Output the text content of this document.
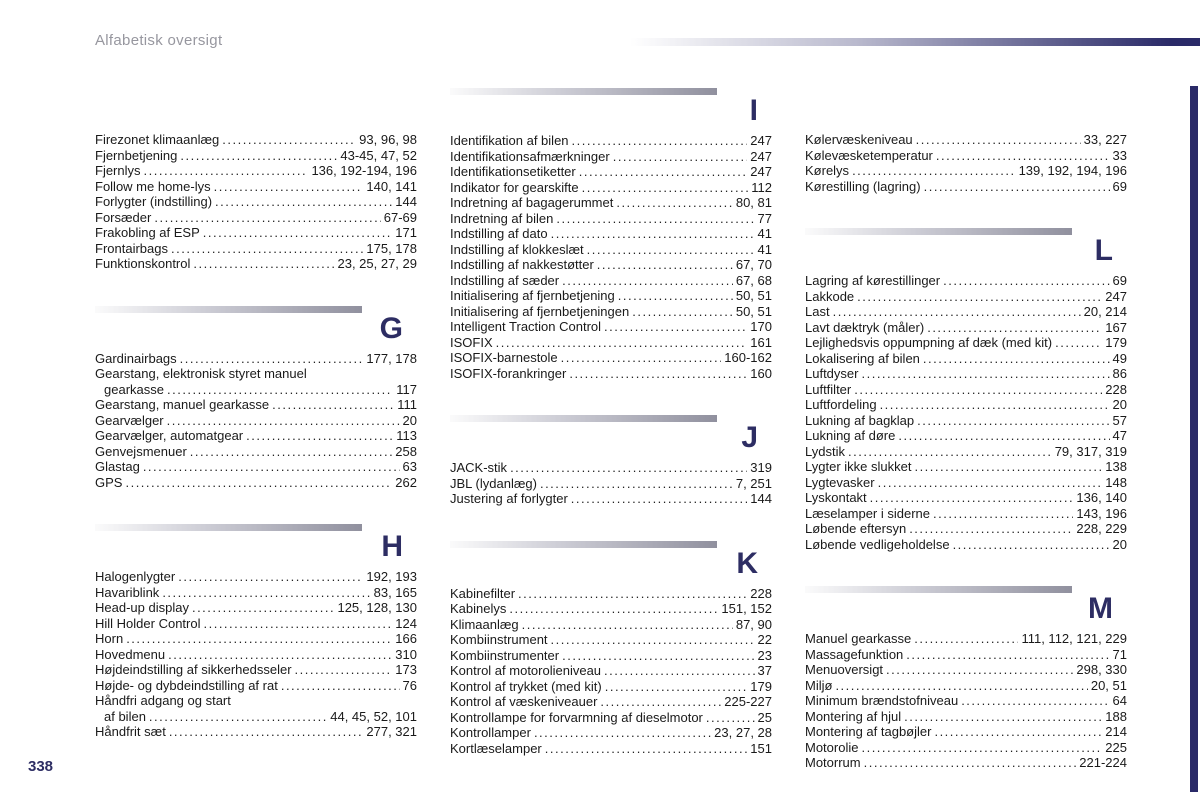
Alfabetisk oversigt
Firezonet klimaanlæg .....	93, 96, 98
Fjernbetjening .....	43-45, 47, 52
Fjernlys .....	136, 192-194, 196
Follow me home-lys .....	140, 141
Forlygter (indstilling) .....	144
Forsæder .....	67-69
Frakobling af ESP .....	171
Frontairbags .....	175, 178
Funktionskontrol .....	23, 25, 27, 29
G
Gardinairbags .....	177, 178
Gearstang, elektronisk styret manuel
gearkasse .....	117
Gearstang, manuel gearkasse .....	111
Gearvælger .....	20
Gearvælger, automatgear .....	113
Genvejsmenuer .....	258
Glastag .....	63
GPS .....	262
H
Halogenlygter .....	192, 193
Havariblink .....	83, 165
Head-up display .....	125, 128, 130
Hill Holder Control .....	124
Horn .....	166
Hovedmenu .....	310
Højdeindstilling af sikkerhedsseler .....	173
Højde- og dybdeindstilling af rat .....	76
Håndfri adgang og start
af bilen .....	44, 45, 52, 101
Håndfrit sæt .....	277, 321
I
Identifikation af bilen .....	247
Identifikationsafmærkninger .....	247
Identifikationsetiketter .....	247
Indikator for gearskifte .....	112
Indretning af bagagerummet .....	80, 81
Indretning af bilen .....	77
Indstilling af dato .....	41
Indstilling af klokkeslæt .....	41
Indstilling af nakkestøtter .....	67, 70
Indstilling af sæder .....	67, 68
Initialisering af fjernbetjening .....	50, 51
Initialisering af fjernbetjeningen .....	50, 51
Intelligent Traction Control .....	170
ISOFIX .....	161
ISOFIX-barnestole .....	160-162
ISOFIX-forankringer .....	160
J
JACK-stik .....	319
JBL (lydanlæg) .....	7, 251
Justering af forlygter .....	144
K
Kabinefilter .....	228
Kabinelys .....	151, 152
Klimaanlæg .....	87, 90
Kombiinstrument .....	22
Kombiinstrumenter .....	23
Kontrol af motorolieniveau .....	37
Kontrol af trykket (med kit) .....	179
Kontrol af væskeniveauer .....	225-227
Kontrollampe for forvarmning af dieselmotor .....	25
Kontrollamper .....	23, 27, 28
Kortlæselamper .....	151
Kølervæskeniveau .....	33, 227
Kølevæsketemperatur .....	33
Kørelys .....	139, 192, 194, 196
Kørestilling (lagring) .....	69
L
Lagring af kørestillinger .....	69
Lakkode .....	247
Last .....	20, 214
Lavt dæktryk (måler) .....	167
Lejlighedsvis oppumpning af dæk (med kit) .....	179
Lokalisering af bilen .....	49
Luftdyser .....	86
Luftfilter .....	228
Luftfordeling .....	20
Lukning af bagklap .....	57
Lukning af døre .....	47
Lydstik .....	79, 317, 319
Lygter ikke slukket .....	138
Lygtevasker .....	148
Lyskontakt .....	136, 140
Læselamper i siderne .....	143, 196
Løbende eftersyn .....	228, 229
Løbende vedligeholdelse .....	20
M
Manuel gearkasse .....	111, 112, 121, 229
Massagefunktion .....	71
Menuoversigt .....	298, 330
Miljø .....	20, 51
Minimum brændstofniveau .....	64
Montering af hjul .....	188
Montering af tagbøjler .....	214
Motorolie .....	225
Motorrum .....	221-224
338
